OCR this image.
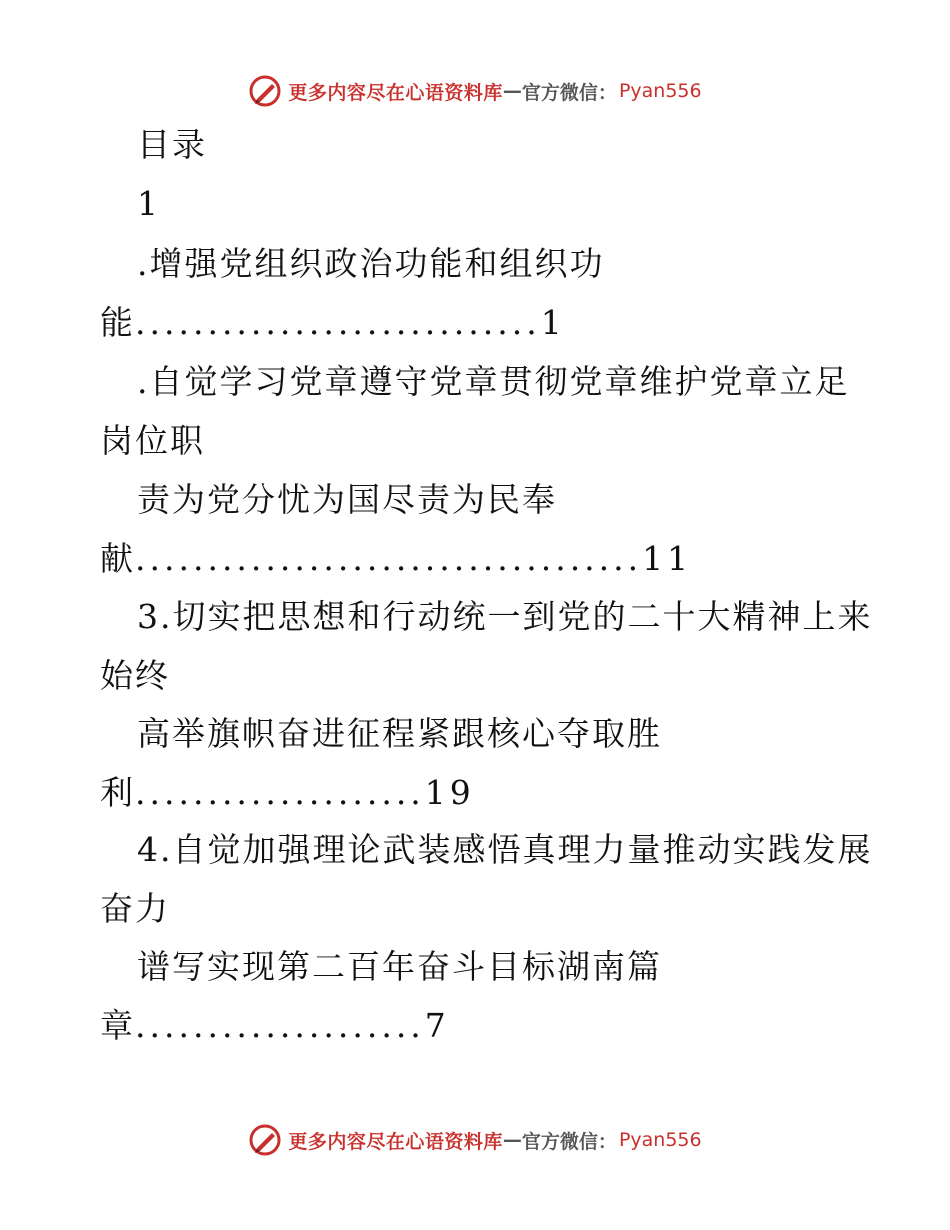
更多内容尽在心语资料库 — 官方微信： Pyan556
目录
1
.增强党组织政治功能和组织功
能............................1
.自觉学习党章遵守党章贯彻党章维护党章立足
岗位职
责为党分忧为国尽责为民奉
献...................................11
3.切实把思想和行动统一到党的二十大精神上来
始终
高举旗帜奋进征程紧跟核心夺取胜
利....................19
4.自觉加强理论武装感悟真理力量推动实践发展
奋力
谱写实现第二百年奋斗目标湖南篇
章....................7
更多内容尽在心语资料库 — 官方微信： Pyan556
